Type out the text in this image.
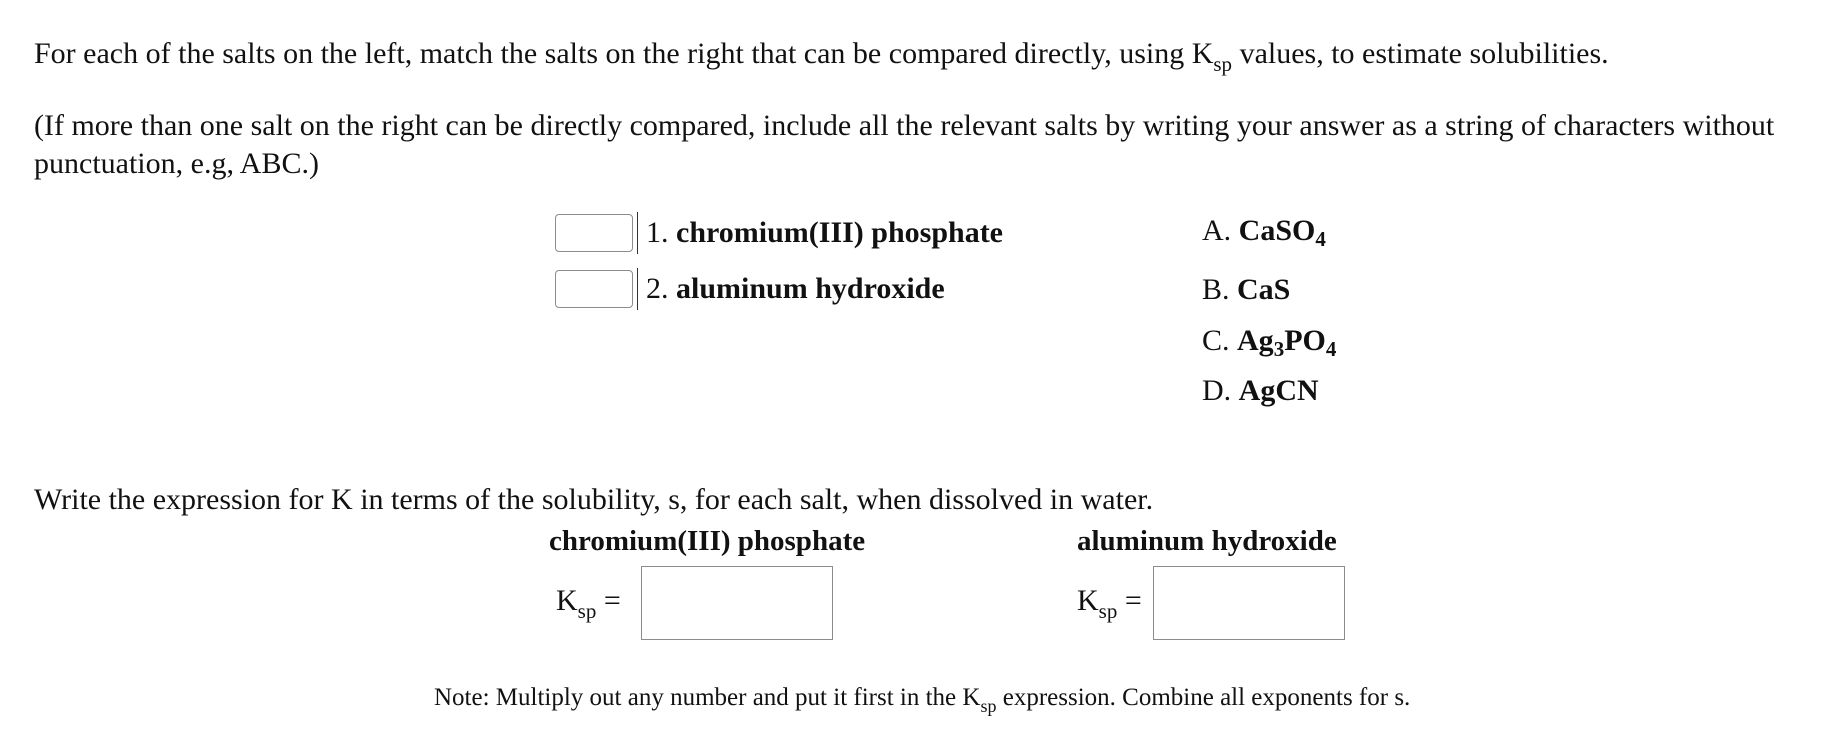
For each of the salts on the left, match the salts on the right that can be compared directly, using $K_{sp}$ values, to estimate solubilities.

(If more than one salt on the right can be directly compared, include all the relevant salts by writing your answer as a string of characters without punctuation, e.g, ABC.)

1. chromium(III) phosphate
2. aluminum hydroxide
A. CaSO$_4$
B. CaS
C. $Ag_3PO_4$
D. AgCN

Write the expression for K in terms of the solubility, s, for each salt, when dissolved in water.

chromium(III) phosphate	aluminum hydroxide
$K_{sp}$ =	$K_{sp}$ =
Note: Multiply out any number and put it first in the $K_{sp}$ expression. Combine all exponents for s.
